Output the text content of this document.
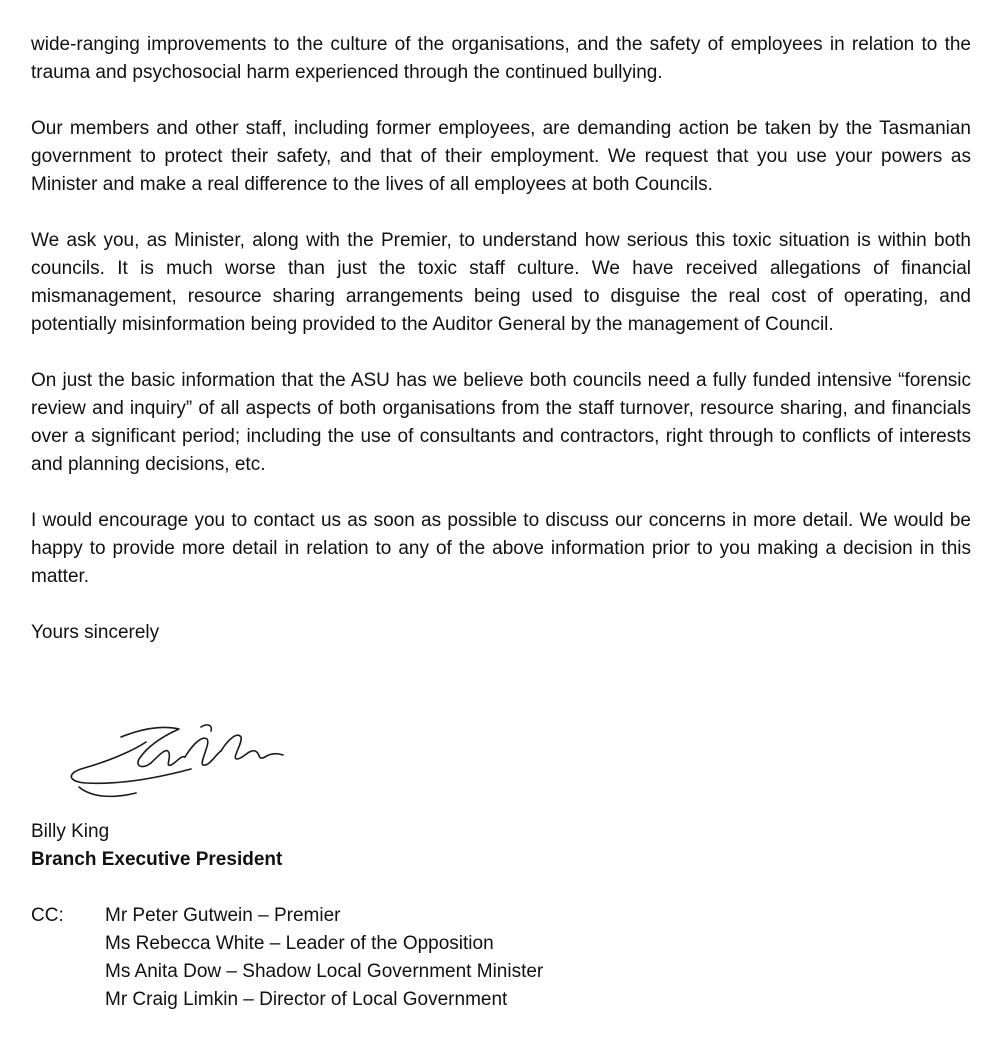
wide-ranging improvements to the culture of the organisations, and the safety of employees in relation to the trauma and psychosocial harm experienced through the continued bullying.

Our members and other staff, including former employees, are demanding action be taken by the Tasmanian government to protect their safety, and that of their employment. We request that you use your powers as Minister and make a real difference to the lives of all employees at both Councils.

We ask you, as Minister, along with the Premier, to understand how serious this toxic situation is within both councils. It is much worse than just the toxic staff culture. We have received allegations of financial mismanagement, resource sharing arrangements being used to disguise the real cost of operating, and potentially misinformation being provided to the Auditor General by the management of Council.

On just the basic information that the ASU has we believe both councils need a fully funded intensive “forensic review and inquiry” of all aspects of both organisations from the staff turnover, resource sharing, and financials over a significant period; including the use of consultants and contractors, right through to conflicts of interests and planning decisions, etc.

I would encourage you to contact us as soon as possible to discuss our concerns in more detail. We would be happy to provide more detail in relation to any of the above information prior to you making a decision in this matter.

Yours sincerely

Billy King
Branch Executive President
CC: Mr Peter Gutwein – Premier
Ms Rebecca White – Leader of the Opposition
Ms Anita Dow – Shadow Local Government Minister
Mr Craig Limkin – Director of Local Government
